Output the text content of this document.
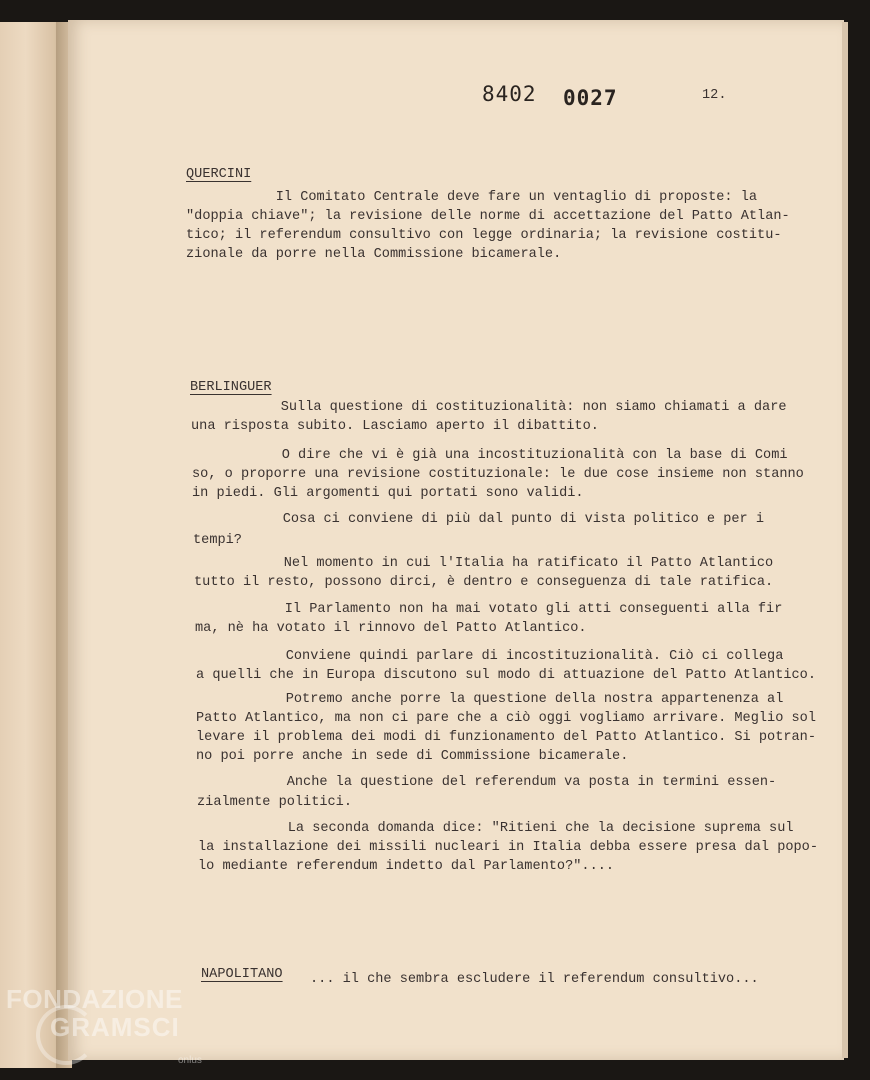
8402 0027	12.
QUERCINI
Il Comitato Centrale deve fare un ventaglio di proposte: la
"doppia chiave"; la revisione delle norme di accettazione del Patto Atlan-
tico; il referendum consultivo con legge ordinaria; la revisione costitu-
zionale da porre nella Commissione bicamerale.
BERLINGUER
Sulla questione di costituzionalità: non siamo chiamati a dare
una risposta subito. Lasciamo aperto il dibattito.
O dire che vi è già una incostituzionalità con la base di Comi
so, o proporre una revisione costituzionale: le due cose insieme non stanno
in piedi. Gli argomenti qui portati sono validi.
Cosa ci conviene di più dal punto di vista politico e per i
tempi?
Nel momento in cui l'Italia ha ratificato il Patto Atlantico
tutto il resto, possono dirci, è dentro e conseguenza di tale ratifica.
Il Parlamento non ha mai votato gli atti conseguenti alla fir
ma, nè ha votato il rinnovo del Patto Atlantico.
Conviene quindi parlare di incostituzionalità. Ciò ci collega
a quelli che in Europa discutono sul modo di attuazione del Patto Atlantico.
Potremo anche porre la questione della nostra appartenenza al
Patto Atlantico, ma non ci pare che a ciò oggi vogliamo arrivare. Meglio sol
levare il problema dei modi di funzionamento del Patto Atlantico. Si potran-
no poi porre anche in sede di Commissione bicamerale.
Anche la questione del referendum va posta in termini essen-
zialmente politici.
La seconda domanda dice: "Ritieni che la decisione suprema sul
la installazione dei missili nucleari in Italia debba essere presa dal popo-
lo mediante referendum indetto dal Parlamento?"....
NAPOLITANO ... il che sembra escludere il referendum consultivo...
FONDAZIONE
GRAMSCI
onlus
